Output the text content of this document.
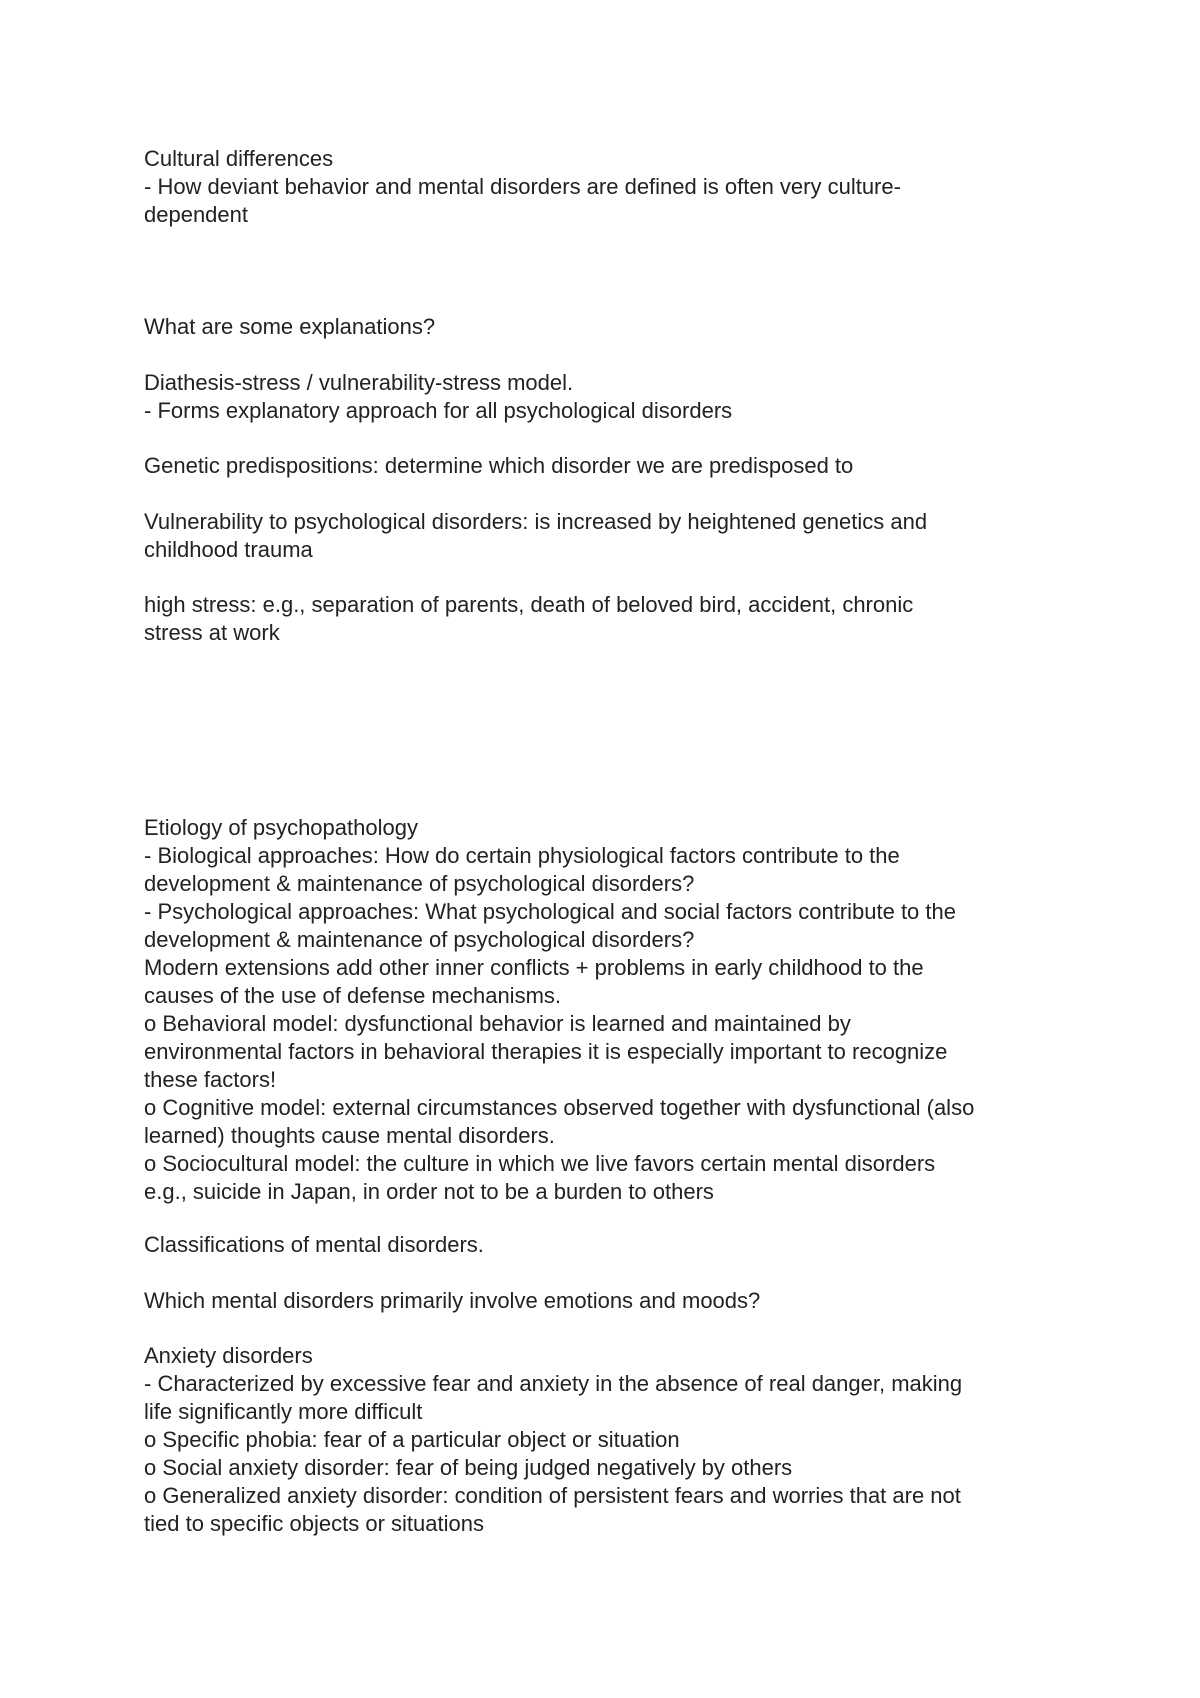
Cultural differences
- How deviant behavior and mental disorders are defined is often very culture-
dependent
What are some explanations?
Diathesis-stress / vulnerability-stress model.
- Forms explanatory approach for all psychological disorders
Genetic predispositions: determine which disorder we are predisposed to
Vulnerability to psychological disorders: is increased by heightened genetics and
childhood trauma
high stress: e.g., separation of parents, death of beloved bird, accident, chronic
stress at work
Etiology of psychopathology
- Biological approaches: How do certain physiological factors contribute to the
development & maintenance of psychological disorders?
- Psychological approaches: What psychological and social factors contribute to the
development & maintenance of psychological disorders?
Modern extensions add other inner conflicts + problems in early childhood to the
causes of the use of defense mechanisms.
o Behavioral model: dysfunctional behavior is learned and maintained by
environmental factors in behavioral therapies it is especially important to recognize
these factors!
o Cognitive model: external circumstances observed together with dysfunctional (also
learned) thoughts cause mental disorders.
o Sociocultural model: the culture in which we live favors certain mental disorders
e.g., suicide in Japan, in order not to be a burden to others
Classifications of mental disorders.
Which mental disorders primarily involve emotions and moods?
Anxiety disorders
- Characterized by excessive fear and anxiety in the absence of real danger, making
life significantly more difficult
o Specific phobia: fear of a particular object or situation
o Social anxiety disorder: fear of being judged negatively by others
o Generalized anxiety disorder: condition of persistent fears and worries that are not
tied to specific objects or situations
